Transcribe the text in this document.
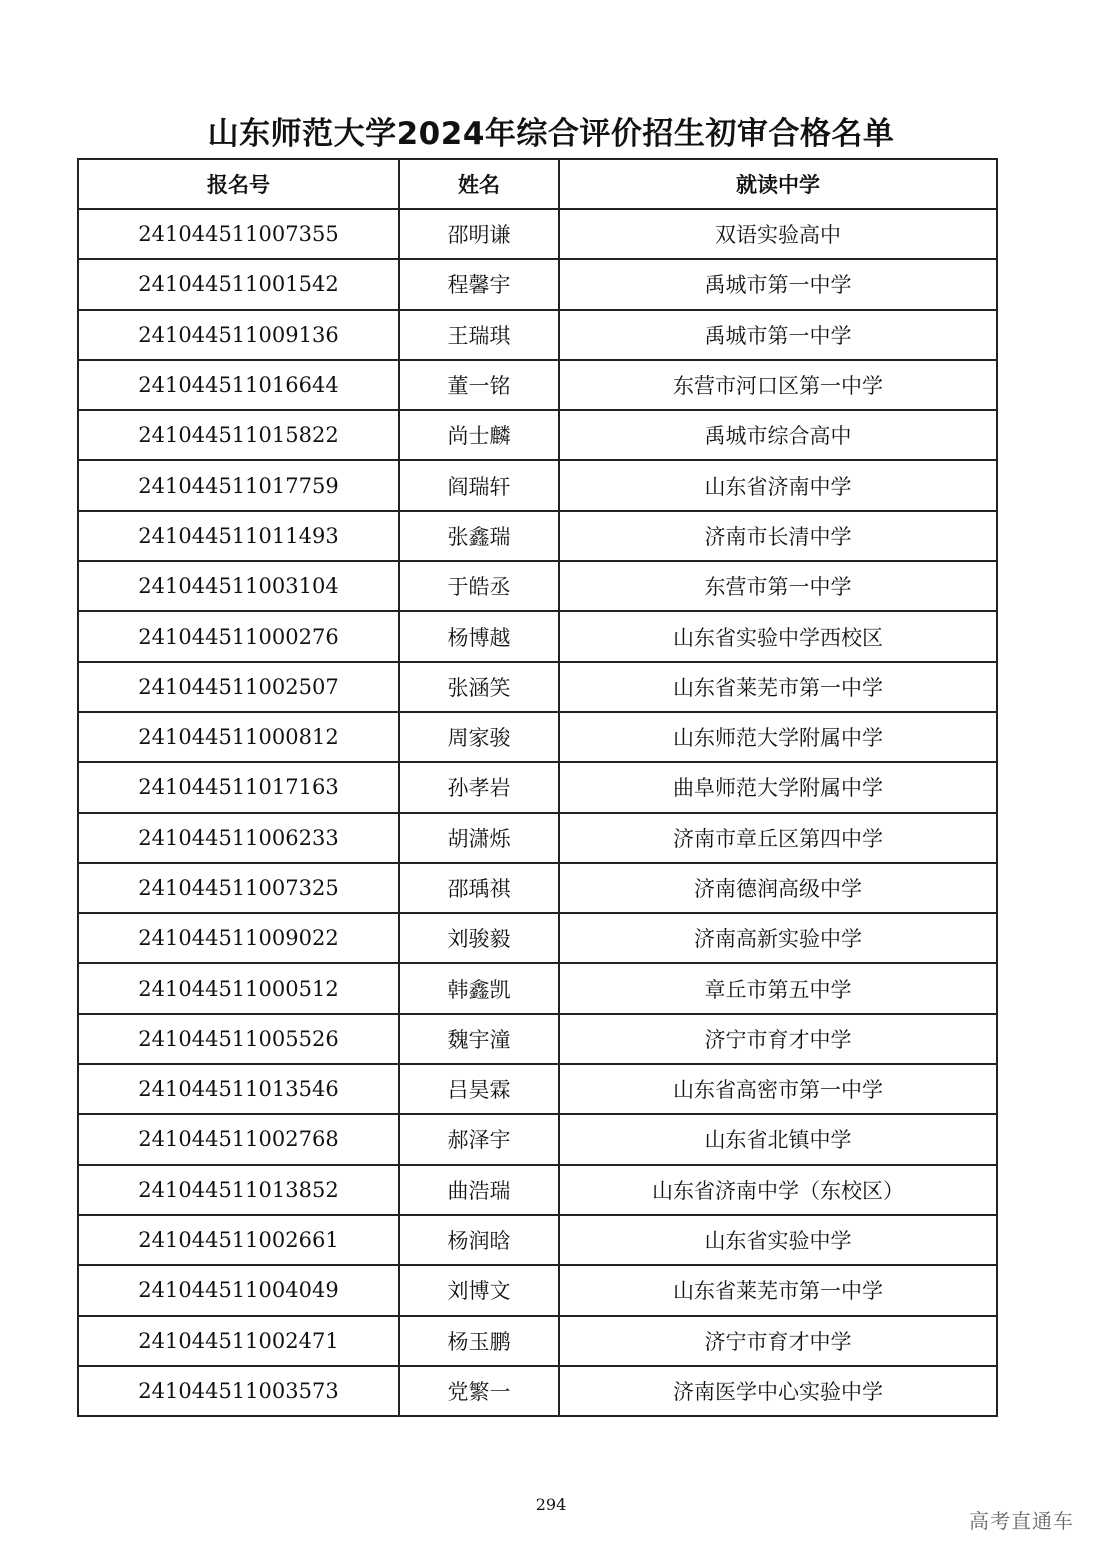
山东师范大学2024年综合评价招生初审合格名单
报名号	姓名	就读中学
241044511007355	邵明谦	双语实验高中
241044511001542	程馨宇	禹城市第一中学
241044511009136	王瑞琪	禹城市第一中学
241044511016644	董一铭	东营市河口区第一中学
241044511015822	尚士麟	禹城市综合高中
241044511017759	阎瑞轩	山东省济南中学
241044511011493	张鑫瑞	济南市长清中学
241044511003104	于皓丞	东营市第一中学
241044511000276	杨博越	山东省实验中学西校区
241044511002507	张涵笑	山东省莱芜市第一中学
241044511000812	周家骏	山东师范大学附属中学
241044511017163	孙孝岩	曲阜师范大学附属中学
241044511006233	胡潇烁	济南市章丘区第四中学
241044511007325	邵瑀祺	济南德润高级中学
241044511009022	刘骏毅	济南高新实验中学
241044511000512	韩鑫凯	章丘市第五中学
241044511005526	魏宇潼	济宁市育才中学
241044511013546	吕昊霖	山东省高密市第一中学
241044511002768	郝泽宇	山东省北镇中学
241044511013852	曲浩瑞	山东省济南中学（东校区）
241044511002661	杨润晗	山东省实验中学
241044511004049	刘博文	山东省莱芜市第一中学
241044511002471	杨玉鹏	济宁市育才中学
241044511003573	党繁一	济南医学中心实验中学
294
高考直通车
